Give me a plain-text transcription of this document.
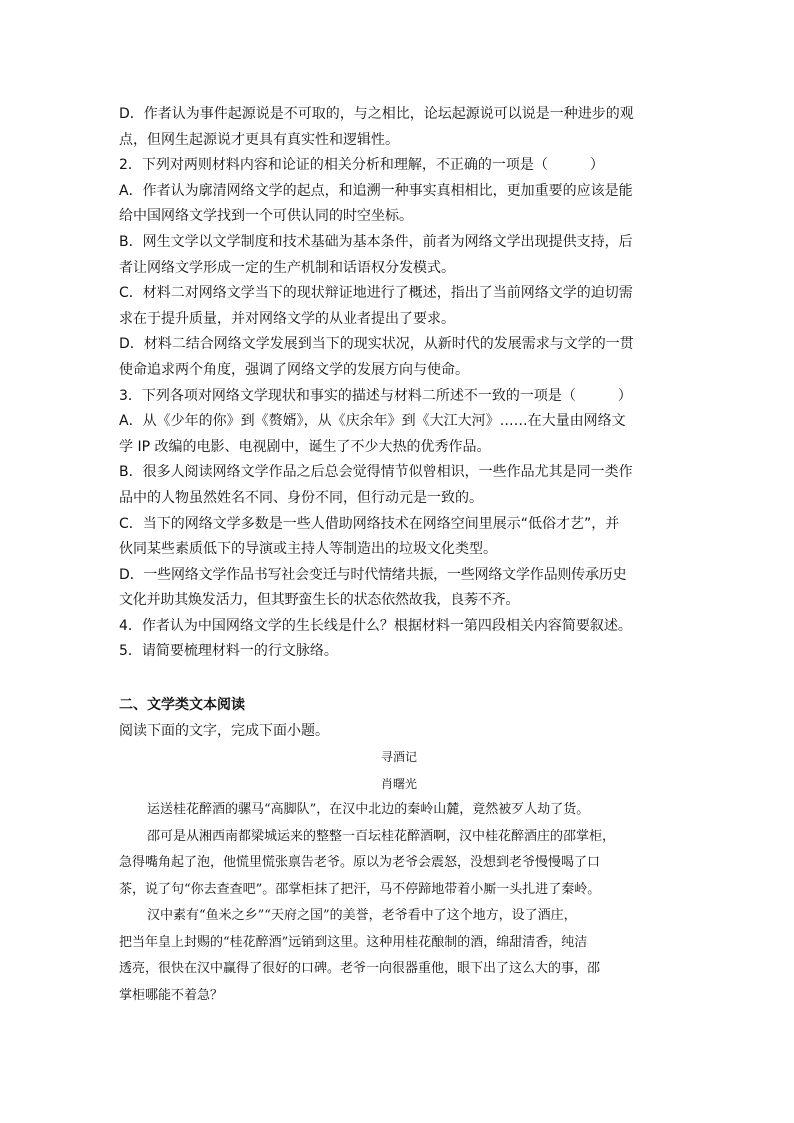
D．作者认为事件起源说是不可取的，与之相比，论坛起源说可以说是一种进步的观

点，但网生起源说才更具有真实性和逻辑性。

2．下列对两则材料内容和论证的相关分析和理解，不正确的一项是（　　　）

A．作者认为廓清网络文学的起点，和追溯一种事实真相相比，更加重要的应该是能

给中国网络文学找到一个可供认同的时空坐标。

B．网生文学以文学制度和技术基础为基本条件，前者为网络文学出现提供支持，后

者让网络文学形成一定的生产机制和话语权分发模式。

C．材料二对网络文学当下的现状辩证地进行了概述，指出了当前网络文学的迫切需

求在于提升质量，并对网络文学的从业者提出了要求。

D．材料二结合网络文学发展到当下的现实状况，从新时代的发展需求与文学的一贯

使命追求两个角度，强调了网络文学的发展方向与使命。

3．下列各项对网络文学现状和事实的描述与材料二所述不一致的一项是（　　　）

A．从《少年的你》到《赘婿》，从《庆余年》到《大江大河》……在大量由网络文

学 IP 改编的电影、电视剧中，诞生了不少大热的优秀作品。

B．很多人阅读网络文学作品之后总会觉得情节似曾相识，一些作品尤其是同一类作

品中的人物虽然姓名不同、身份不同，但行动元是一致的。

C．当下的网络文学多数是一些人借助网络技术在网络空间里展示“低俗才艺”，并

伙同某些素质低下的导演或主持人等制造出的垃圾文化类型。

D．一些网络文学作品书写社会变迁与时代情绪共振，一些网络文学作品则传承历史

文化并助其焕发活力，但其野蛮生长的状态依然故我，良莠不齐。

4．作者认为中国网络文学的生长线是什么？根据材料一第四段相关内容简要叙述。

5．请简要梳理材料一的行文脉络。

二、文学类文本阅读

阅读下面的文字，完成下面小题。

寻酒记

肖曙光

运送桂花醉酒的骡马“高脚队”，在汉中北边的秦岭山麓，竟然被歹人劫了货。

邵可是从湘西南都梁城运来的整整一百坛桂花醉酒啊，汉中桂花醉酒庄的邵掌柜，

急得嘴角起了泡，他慌里慌张禀告老爷。原以为老爷会震怒，没想到老爷慢慢喝了口

茶，说了句“你去查查吧”。邵掌柜抹了把汗，马不停蹄地带着小厮一头扎进了秦岭。

汉中素有“鱼米之乡”“天府之国”的美誉，老爷看中了这个地方，设了酒庄，

把当年皇上封赐的“桂花醉酒”远销到这里。这种用桂花酿制的酒，绵甜清香，纯洁

透亮，很快在汉中赢得了很好的口碑。老爷一向很器重他，眼下出了这么大的事，邵

掌柜哪能不着急？
